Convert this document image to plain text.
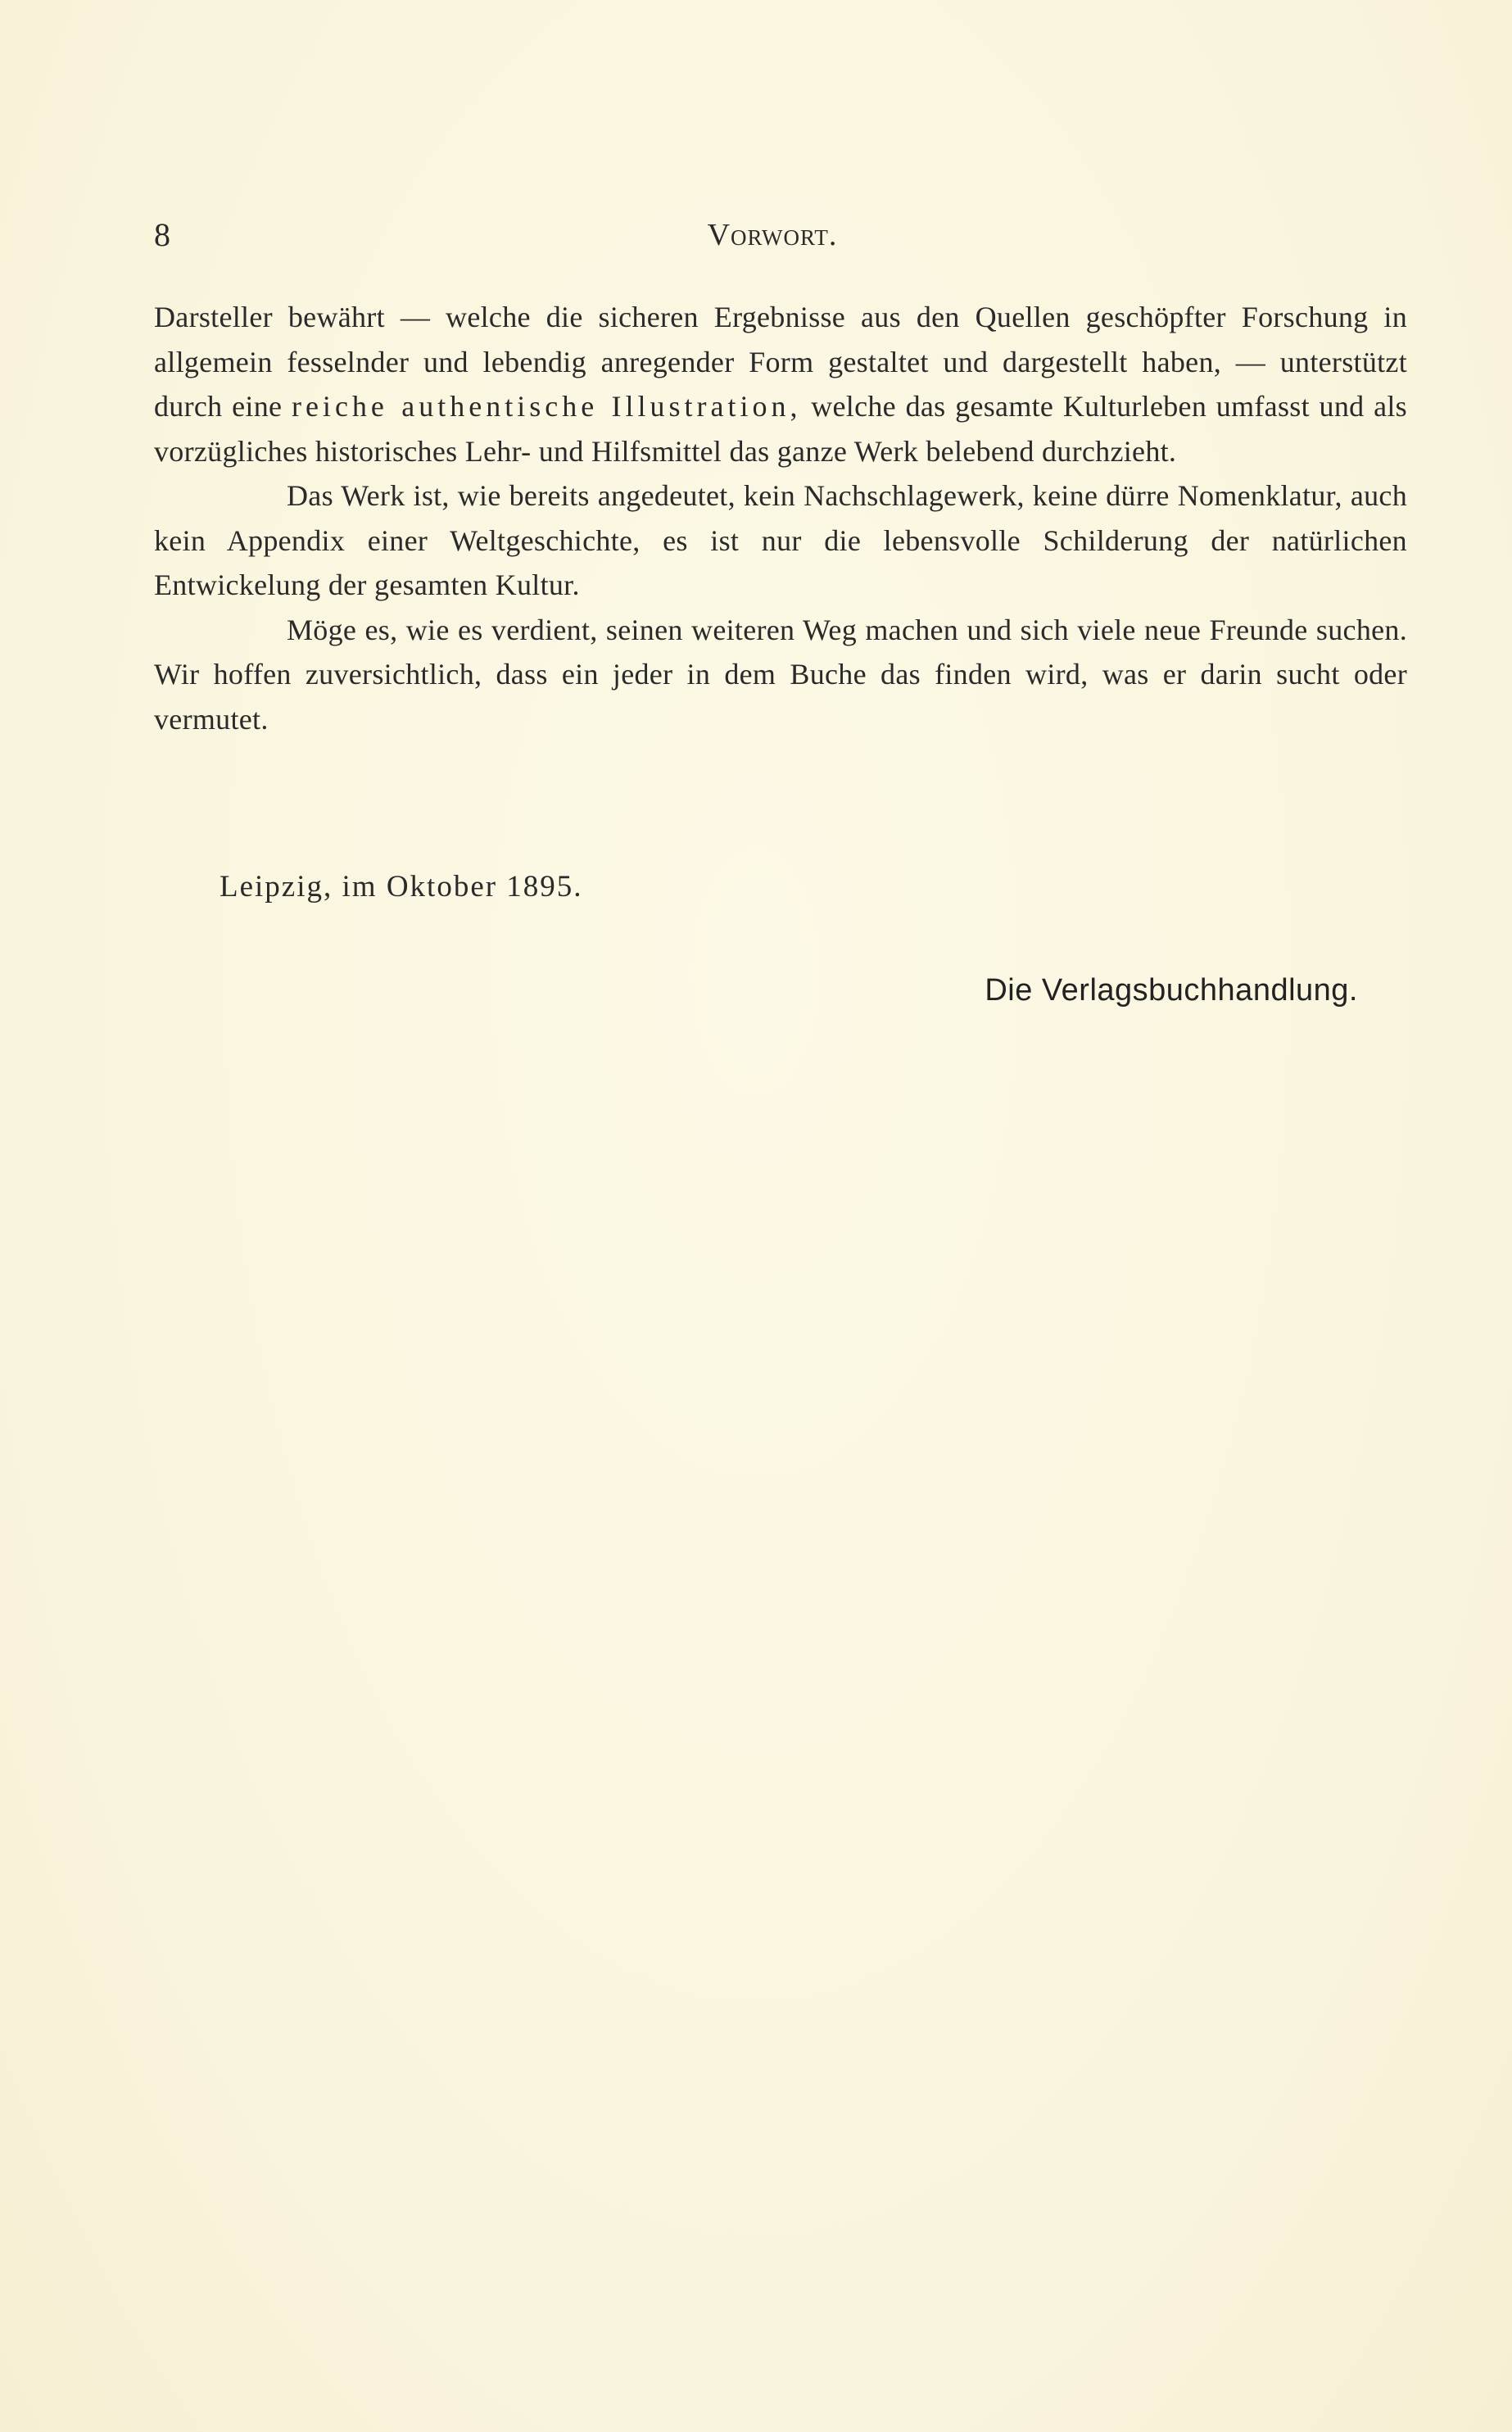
8	Vorwort.

Darsteller bewährt — welche die sicheren Ergebnisse aus den Quellen geschöpfter Forschung in allgemein fesselnder und lebendig anregender Form gestaltet und dargestellt haben, — unterstützt durch eine reiche authentische Illustration, welche das gesamte Kulturleben umfasst und als vorzügliches historisches Lehr- und Hilfsmittel das ganze Werk belebend durchzieht.

Das Werk ist, wie bereits angedeutet, kein Nachschlagewerk, keine dürre Nomenklatur, auch kein Appendix einer Weltgeschichte, es ist nur die lebensvolle Schilderung der natürlichen Entwickelung der gesamten Kultur.

Möge es, wie es verdient, seinen weiteren Weg machen und sich viele neue Freunde suchen. Wir hoffen zuversichtlich, dass ein jeder in dem Buche das finden wird, was er darin sucht oder vermutet.

Leipzig, im Oktober 1895.
Die Verlagsbuchhandlung.
